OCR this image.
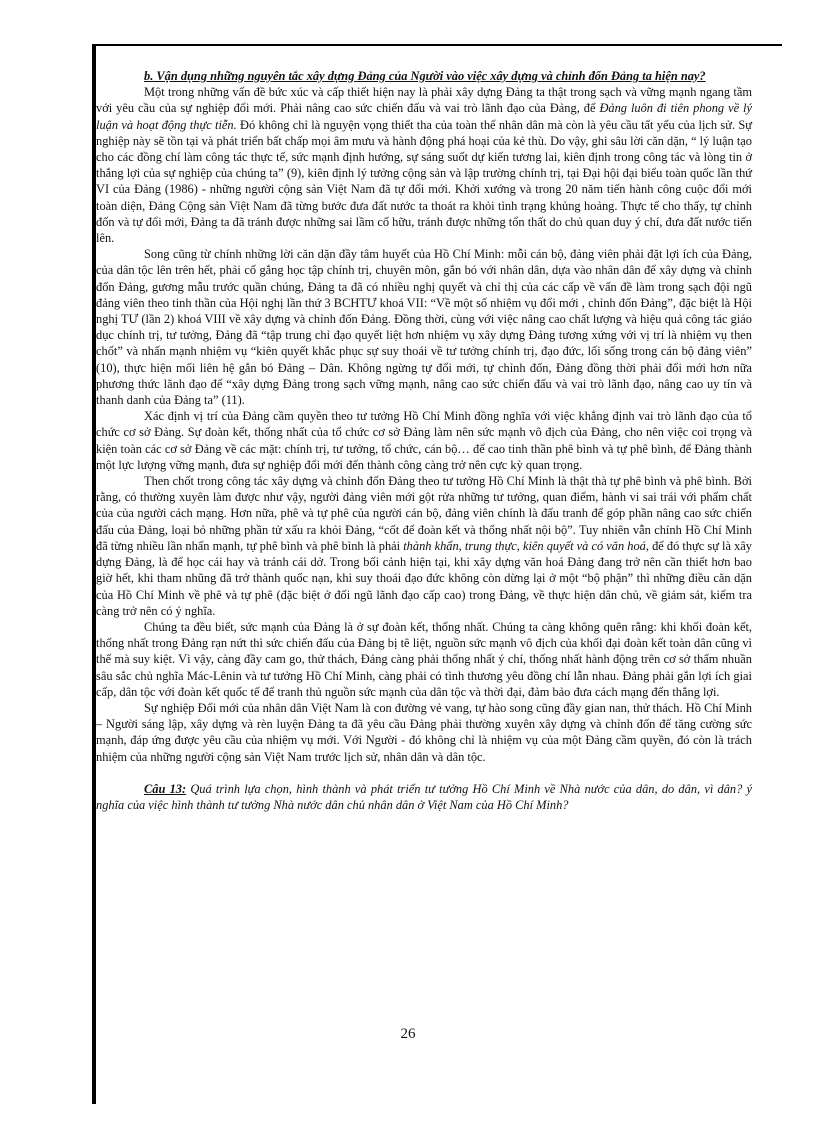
b. Vận dụng những nguyên tắc xây dựng Đảng của Người vào việc xây dựng và chỉnh đốn Đảng ta hiện nay?

Một trong những vấn đề bức xúc và cấp thiết hiện nay là phải xây dựng Đảng ta thật trong sạch và vững mạnh ngang tầm với yêu cầu của sự nghiệp đổi mới. Phải nâng cao sức chiến đấu và vai trò lãnh đạo của Đảng, để Đảng luôn đi tiên phong về lý luận và hoạt động thực tiễn. Đó không chỉ là nguyện vọng thiết tha của toàn thể nhân dân mà còn là yêu cầu tất yếu của lịch sử. Sự nghiệp này sẽ tồn tại và phát triển bất chấp mọi âm mưu và hành động phá hoại của kẻ thù. Do vậy, ghi sâu lời căn dặn, “ lý luận tạo cho các đồng chí làm công tác thực tế, sức mạnh định hướng, sự sáng suốt dự kiến tương lai, kiên định trong công tác và lòng tin ở thắng lợi của sự nghiệp của chúng ta” (9), kiên định lý tưởng cộng sản và lập trường chính trị, tại Đại hội đại biểu toàn quốc lần thứ VI của Đảng (1986) - những người cộng sản Việt Nam đã tự đổi mới. Khởi xướng và trong 20 năm tiến hành công cuộc đổi mới toàn diện, Đảng Cộng sản Việt Nam đã từng bước đưa đất nước ta thoát ra khỏi tình trạng khủng hoảng. Thực tế cho thấy, tự chỉnh đốn và tự đổi mới, Đảng ta đã tránh được những sai lầm cố hữu, tránh được những tổn thất do chủ quan duy ý chí, đưa đất nước tiến lên.

Song cũng từ chính những lời căn dặn đầy tâm huyết của Hồ Chí Minh: mỗi cán bộ, đảng viên phải đặt lợi ích của Đảng, của dân tộc lên trên hết, phải cố gắng học tập chính trị, chuyên môn, gắn bó với nhân dân, dựa vào nhân dân để xây dựng và chỉnh đốn Đảng, gương mẫu trước quần chúng, Đảng ta đã có nhiều nghị quyết và chỉ thị của các cấp về vấn đề làm trong sạch đội ngũ đảng viên theo tinh thần của Hội nghị lần thứ 3 BCHTƯ khoá VII: “Về một số nhiệm vụ đổi mới , chỉnh đốn Đảng”, đặc biệt là Hội nghị TƯ (lần 2) khoá VIII về xây dựng và chỉnh đốn Đảng. Đồng thời, cùng với việc nâng cao chất lượng và hiệu quả công tác giáo dục chính trị, tư tưởng, Đảng đã “tập trung chỉ đạo quyết liệt hơn nhiệm vụ xây dựng Đảng tương xứng với vị trí là nhiệm vụ then chốt” và nhấn mạnh nhiệm vụ “kiên quyết khắc phục sự suy thoái về tư tưởng chính trị, đạo đức, lối sống trong cán bộ đảng viên” (10), thực hiện mối liên hệ gắn bó Đảng – Dân. Không ngừng tự đổi mới, tự chỉnh đốn, Đảng đồng thời phải đổi mới hơn nữa phương thức lãnh đạo để “xây dựng Đảng trong sạch vững mạnh, nâng cao sức chiến đấu và vai trò lãnh đạo, nâng cao uy tín và thanh danh của Đảng ta” (11).

Xác định vị trí của Đảng cầm quyền theo tư tưởng Hồ Chí Minh đồng nghĩa với việc khẳng định vai trò lãnh đạo của tổ chức cơ sở Đảng. Sự đoàn kết, thống nhất của tổ chức cơ sở Đảng làm nên sức mạnh vô địch của Đảng, cho nên việc coi trọng và kiện toàn các cơ sở Đảng về các mặt: chính trị, tư tưởng, tổ chức, cán bộ… để cao tinh thần phê bình và tự phê bình, để Đảng thành một lực lượng vững mạnh, đưa sự nghiệp đổi mới đến thành công càng trở nên cực kỳ quan trọng.

Then chốt trong công tác xây dựng và chỉnh đốn Đảng theo tư tưởng Hồ Chí Minh là thật thà tự phê bình và phê bình. Bởi rằng, có thường xuyên làm được như vậy, người đảng viên mới gột rửa những tư tưởng, quan điểm, hành vi sai trái với phẩm chất của của người cách mạng. Hơn nữa, phê và tự phê của người cán bộ, đảng viên chính là đấu tranh để góp phần nâng cao sức chiến đấu của Đảng, loại bỏ những phần tử xấu ra khỏi Đảng, “cốt để đoàn kết và thống nhất nội bộ”. Tuy nhiên vẫn chính Hồ Chí Minh đã từng nhiều lần nhấn mạnh, tự phê bình và phê bình là phải thành khẩn, trung thực, kiên quyết và có văn hoá, để đó thực sự là xây dựng Đảng, là để học cái hay và tránh cái dở. Trong bối cảnh hiện tại, khi xây dựng văn hoá Đảng đang trở nên cần thiết hơn bao giờ hết, khi tham nhũng đã trở thành quốc nạn, khi suy thoái đạo đức không còn dừng lại ở một “bộ phận” thì những điều căn dặn của Hồ Chí Minh về phê và tự phê (đặc biệt ở đối ngũ lãnh đạo cấp cao) trong Đảng, về thực hiện dân chủ, về giám sát, kiểm tra càng trở nên có ý nghĩa.

Chúng ta đều biết, sức mạnh của Đảng là ở sự đoàn kết, thống nhất. Chúng ta càng không quên rằng: khi khối đoàn kết, thống nhất trong Đảng rạn nứt thì sức chiến đấu của Đảng bị tê liệt, nguồn sức mạnh vô địch của khối đại đoàn kết toàn dân cũng vì thế mà suy kiệt. Vì vậy, càng đầy cam go, thử thách, Đảng càng phải thống nhất ý chí, thống nhất hành động trên cơ sở thấm nhuần sâu sắc chủ nghĩa Mác-Lênin và tư tưởng Hồ Chí Minh, càng phải có tình thương yêu đồng chí lẫn nhau. Đảng phải gắn lợi ích giai cấp, dân tộc với đoàn kết quốc tế để tranh thủ nguồn sức mạnh của dân tộc và thời đại, đảm bảo đưa cách mạng đến thắng lợi.

Sự nghiệp Đổi mới của nhân dân Việt Nam là con đường vẻ vang, tự hào song cũng đầy gian nan, thử thách. Hồ Chí Minh – Người sáng lập, xây dựng và rèn luyện Đảng ta đã yêu cầu Đảng phải thường xuyên xây dựng và chỉnh đốn để tăng cường sức mạnh, đáp ứng được yêu cầu của nhiệm vụ mới. Với Người - đó không chỉ là nhiệm vụ của một Đảng cầm quyền, đó còn là trách nhiệm của những người cộng sản Việt Nam trước lịch sử, nhân dân và dân tộc.

Câu 13: Quá trình lựa chọn, hình thành và phát triển tư tưởng Hồ Chí Minh về Nhà nước của dân, do dân, vì dân? ý nghĩa của việc hình thành tư tưởng Nhà nước dân chủ nhân dân ở Việt Nam của Hồ Chí Minh?

26
